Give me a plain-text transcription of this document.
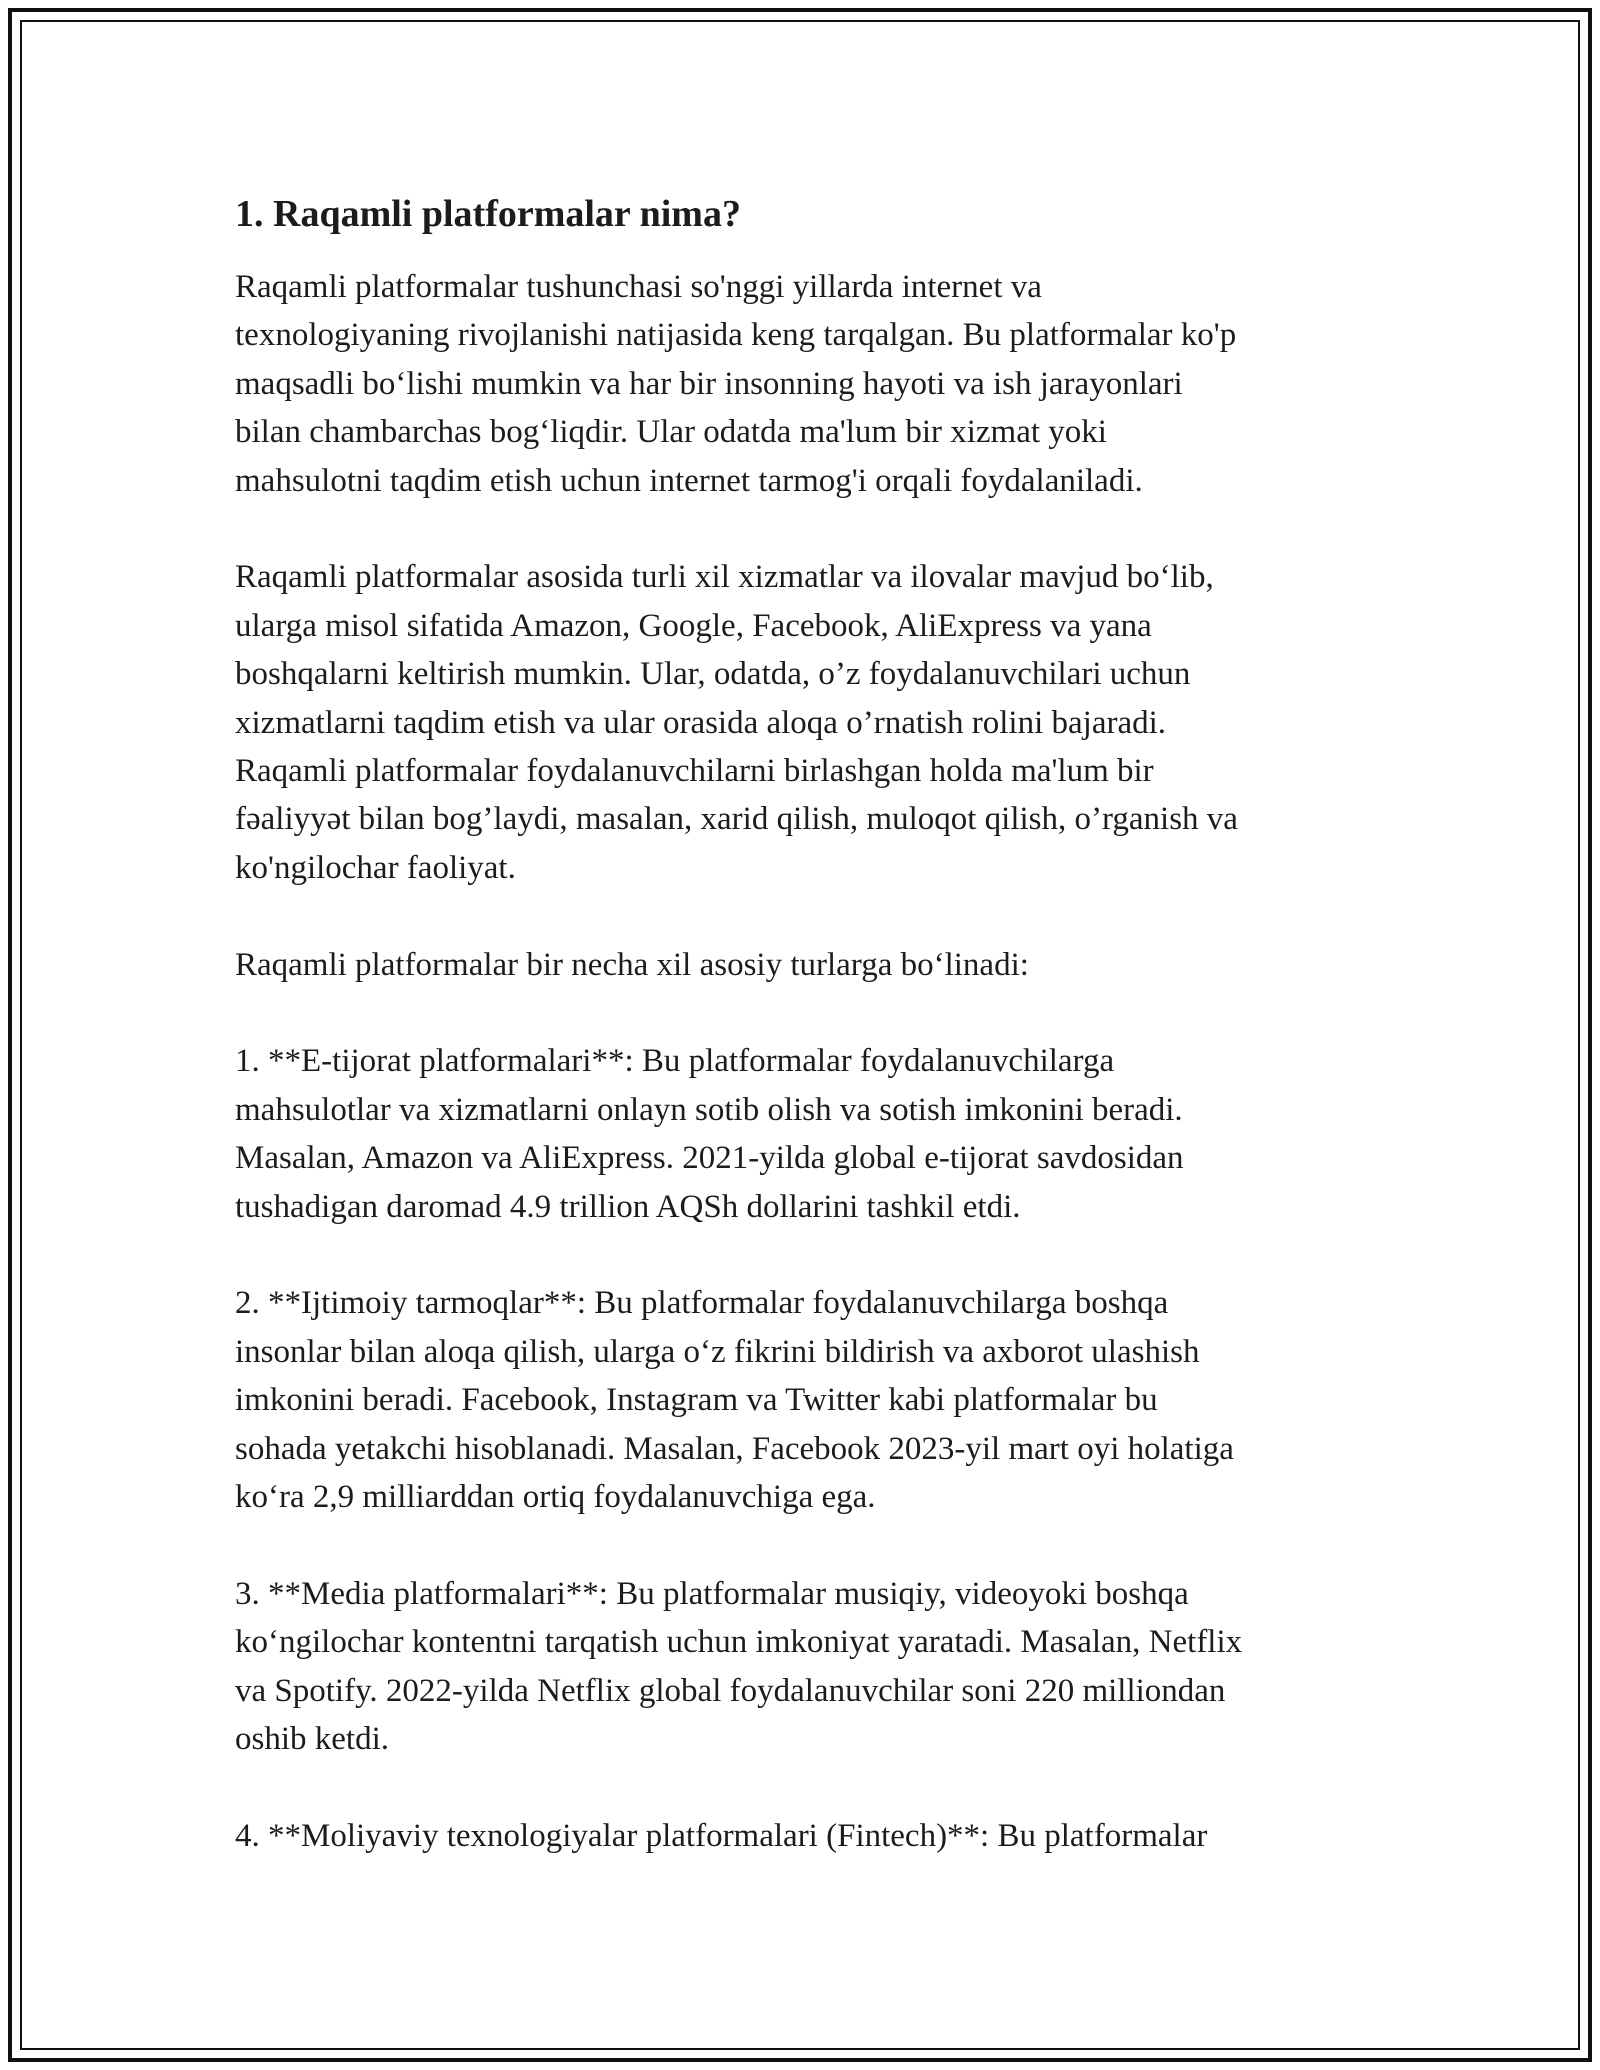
1. Raqamli platformalar nima?

Raqamli platformalar tushunchasi so'nggi yillarda internet va
texnologiyaning rivojlanishi natijasida keng tarqalgan. Bu platformalar ko'p
maqsadli bo‘lishi mumkin va har bir insonning hayoti va ish jarayonlari
bilan chambarchas bog‘liqdir. Ular odatda ma'lum bir xizmat yoki
mahsulotni taqdim etish uchun internet tarmog'i orqali foydalaniladi.

Raqamli platformalar asosida turli xil xizmatlar va ilovalar mavjud bo‘lib,
ularga misol sifatida Amazon, Google, Facebook, AliExpress va yana
boshqalarni keltirish mumkin. Ular, odatda, o’z foydalanuvchilari uchun
xizmatlarni taqdim etish va ular orasida aloqa o’rnatish rolini bajaradi.
Raqamli platformalar foydalanuvchilarni birlashgan holda ma'lum bir
fəaliyyət bilan bog’laydi, masalan, xarid qilish, muloqot qilish, o’rganish va
ko'ngilochar faoliyat.

Raqamli platformalar bir necha xil asosiy turlarga bo‘linadi:

1. **E-tijorat platformalari**: Bu platformalar foydalanuvchilarga
mahsulotlar va xizmatlarni onlayn sotib olish va sotish imkonini beradi.
Masalan, Amazon va AliExpress. 2021-yilda global e-tijorat savdosidan
tushadigan daromad 4.9 trillion AQSh dollarini tashkil etdi.

2. **Ijtimoiy tarmoqlar**: Bu platformalar foydalanuvchilarga boshqa
insonlar bilan aloqa qilish, ularga o‘z fikrini bildirish va axborot ulashish
imkonini beradi. Facebook, Instagram va Twitter kabi platformalar bu
sohada yetakchi hisoblanadi. Masalan, Facebook 2023-yil mart oyi holatiga
ko‘ra 2,9 milliarddan ortiq foydalanuvchiga ega.

3. **Media platformalari**: Bu platformalar musiqiy, videoyoki boshqa
ko‘ngilochar kontentni tarqatish uchun imkoniyat yaratadi. Masalan, Netflix
va Spotify. 2022-yilda Netflix global foydalanuvchilar soni 220 milliondan
oshib ketdi.

4. **Moliyaviy texnologiyalar platformalari (Fintech)**: Bu platformalar
